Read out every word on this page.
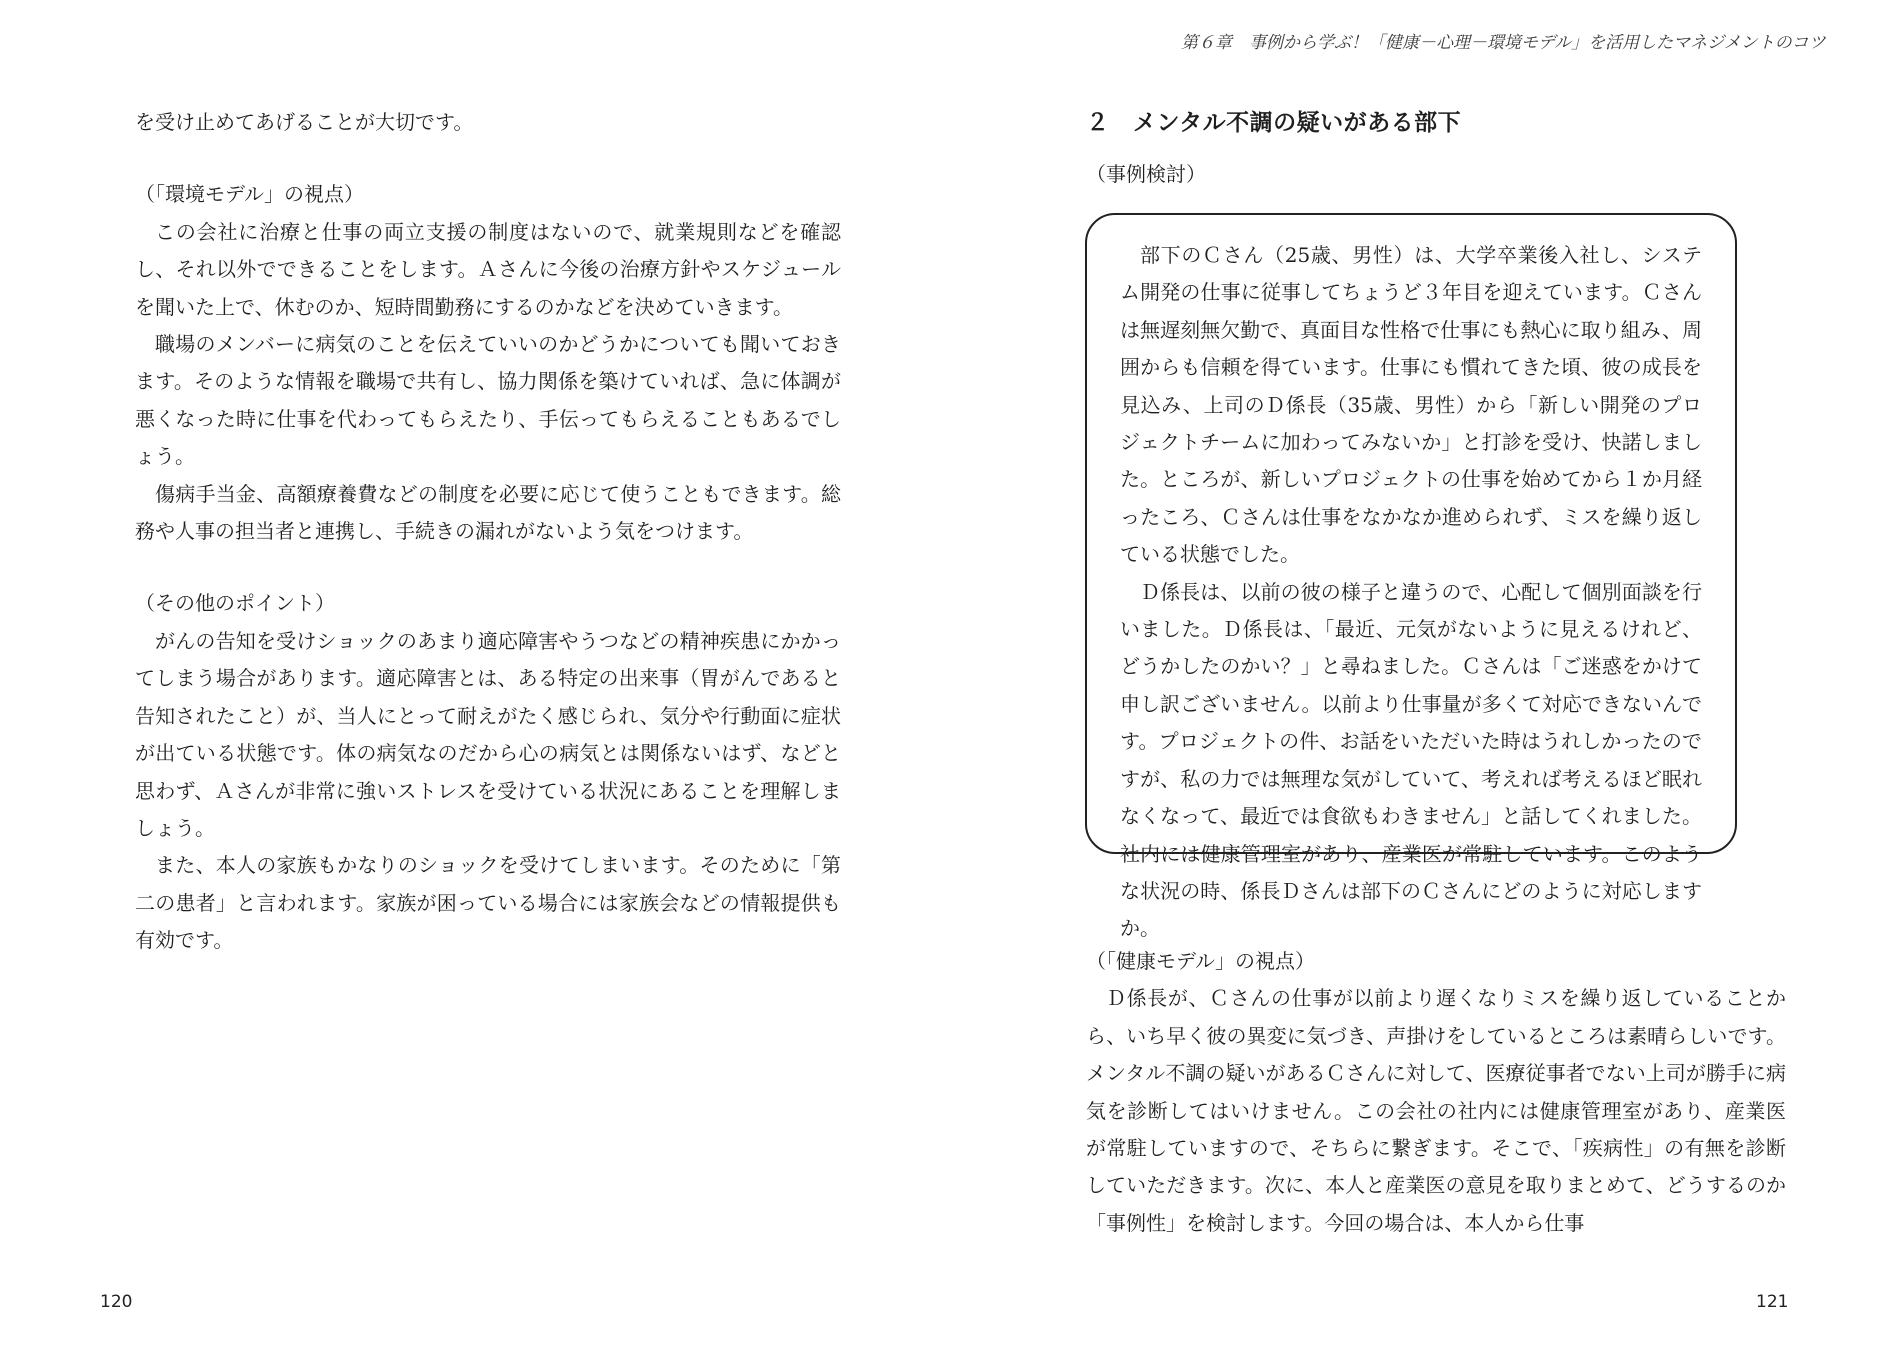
を受け止めてあげることが大切です。

（「環境モデル」の視点）

この会社に治療と仕事の両立支援の制度はないので、就業規則などを確認し、それ以外でできることをします。Ａさんに今後の治療方針やスケジュールを聞いた上で、休むのか、短時間勤務にするのかなどを決めていきます。

職場のメンバーに病気のことを伝えていいのかどうかについても聞いておきます。そのような情報を職場で共有し、協力関係を築けていれば、急に体調が悪くなった時に仕事を代わってもらえたり、手伝ってもらえることもあるでしょう。

傷病手当金、高額療養費などの制度を必要に応じて使うこともできます。総務や人事の担当者と連携し、手続きの漏れがないよう気をつけます。

（その他のポイント）

がんの告知を受けショックのあまり適応障害やうつなどの精神疾患にかかってしまう場合があります。適応障害とは、ある特定の出来事（胃がんであると告知されたこと）が、当人にとって耐えがたく感じられ、気分や行動面に症状が出ている状態です。体の病気なのだから心の病気とは関係ないはず、などと思わず、Ａさんが非常に強いストレスを受けている状況にあることを理解しましょう。

また、本人の家族もかなりのショックを受けてしまいます。そのために「第二の患者」と言われます。家族が困っている場合には家族会などの情報提供も有効です。

120
第６章　事例から学ぶ！「健康－心理－環境モデル」を活用したマネジメントのコツ

２　メンタル不調の疑いがある部下

（事例検討）

部下のＣさん（25歳、男性）は、大学卒業後入社し、システム開発の仕事に従事してちょうど３年目を迎えています。Ｃさんは無遅刻無欠勤で、真面目な性格で仕事にも熱心に取り組み、周囲からも信頼を得ています。仕事にも慣れてきた頃、彼の成長を見込み、上司のＤ係長（35歳、男性）から「新しい開発のプロジェクトチームに加わってみないか」と打診を受け、快諾しました。ところが、新しいプロジェクトの仕事を始めてから１か月経ったころ、Ｃさんは仕事をなかなか進められず、ミスを繰り返している状態でした。

Ｄ係長は、以前の彼の様子と違うので、心配して個別面談を行いました。Ｄ係長は、「最近、元気がないように見えるけれど、どうかしたのかい？」と尋ねました。Ｃさんは「ご迷惑をかけて申し訳ございません。以前より仕事量が多くて対応できないんです。プロジェクトの件、お話をいただいた時はうれしかったのですが、私の力では無理な気がしていて、考えれば考えるほど眠れなくなって、最近では食欲もわきません」と話してくれました。社内には健康管理室があり、産業医が常駐しています。このような状況の時、係長Ｄさんは部下のＣさんにどのように対応しますか。

（「健康モデル」の視点）

Ｄ係長が、Ｃさんの仕事が以前より遅くなりミスを繰り返していることから、いち早く彼の異変に気づき、声掛けをしているところは素晴らしいです。メンタル不調の疑いがあるＣさんに対して、医療従事者でない上司が勝手に病気を診断してはいけません。この会社の社内には健康管理室があり、産業医が常駐していますので、そちらに繋ぎます。そこで、「疾病性」の有無を診断していただきます。次に、本人と産業医の意見を取りまとめて、どうするのか「事例性」を検討します。今回の場合は、本人から仕事

121
